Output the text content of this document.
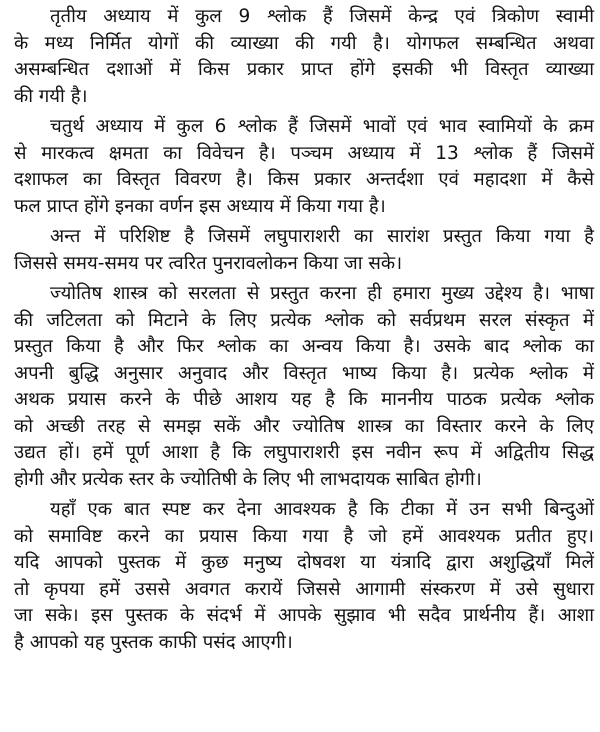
तृतीय अध्याय में कुल 9 श्लोक हैं जिसमें केन्द्र एवं त्रिकोण स्वामी
के मध्य निर्मित योगों की व्याख्या की गयी है। योगफल सम्बन्धित अथवा
असम्बन्धित दशाओं में किस प्रकार प्राप्त होंगे इसकी भी विस्तृत व्याख्या
की गयी है।
चतुर्थ अध्याय में कुल 6 श्लोक हैं जिसमें भावों एवं भाव स्वामियों के क्रम
से मारकत्व क्षमता का विवेचन है। पञ्चम अध्याय में 13 श्लोक हैं जिसमें
दशाफल का विस्तृत विवरण है। किस प्रकार अन्तर्दशा एवं महादशा में कैसे
फल प्राप्त होंगे इनका वर्णन इस अध्याय में किया गया है।
अन्त में परिशिष्ट है जिसमें लघुपाराशरी का सारांश प्रस्तुत किया गया है
जिससे समय-समय पर त्वरित पुनरावलोकन किया जा सके।
ज्योतिष शास्त्र को सरलता से प्रस्तुत करना ही हमारा मुख्य उद्देश्य है। भाषा
की जटिलता को मिटाने के लिए प्रत्येक श्लोक को सर्वप्रथम सरल संस्कृत में
प्रस्तुत किया है और फिर श्लोक का अन्वय किया है। उसके बाद श्लोक का
अपनी बुद्धि अनुसार अनुवाद और विस्तृत भाष्य किया है। प्रत्येक श्लोक में
अथक प्रयास करने के पीछे आशय यह है कि माननीय पाठक प्रत्येक श्लोक
को अच्छी तरह से समझ सकें और ज्योतिष शास्त्र का विस्तार करने के लिए
उद्यत हों। हमें पूर्ण आशा है कि लघुपाराशरी इस नवीन रूप में अद्वितीय सिद्ध
होगी और प्रत्येक स्तर के ज्योतिषी के लिए भी लाभदायक साबित होगी।
यहाँ एक बात स्पष्ट कर देना आवश्यक है कि टीका में उन सभी बिन्दुओं
को समाविष्ट करने का प्रयास किया गया है जो हमें आवश्यक प्रतीत हुए।
यदि आपको पुस्तक में कुछ मनुष्य दोषवश या यंत्रादि द्वारा अशुद्धियाँ मिलें
तो कृपया हमें उससे अवगत करायें जिससे आगामी संस्करण में उसे सुधारा
जा सके। इस पुस्तक के संदर्भ में आपके सुझाव भी सदैव प्रार्थनीय हैं। आशा
है आपको यह पुस्तक काफी पसंद आएगी।
